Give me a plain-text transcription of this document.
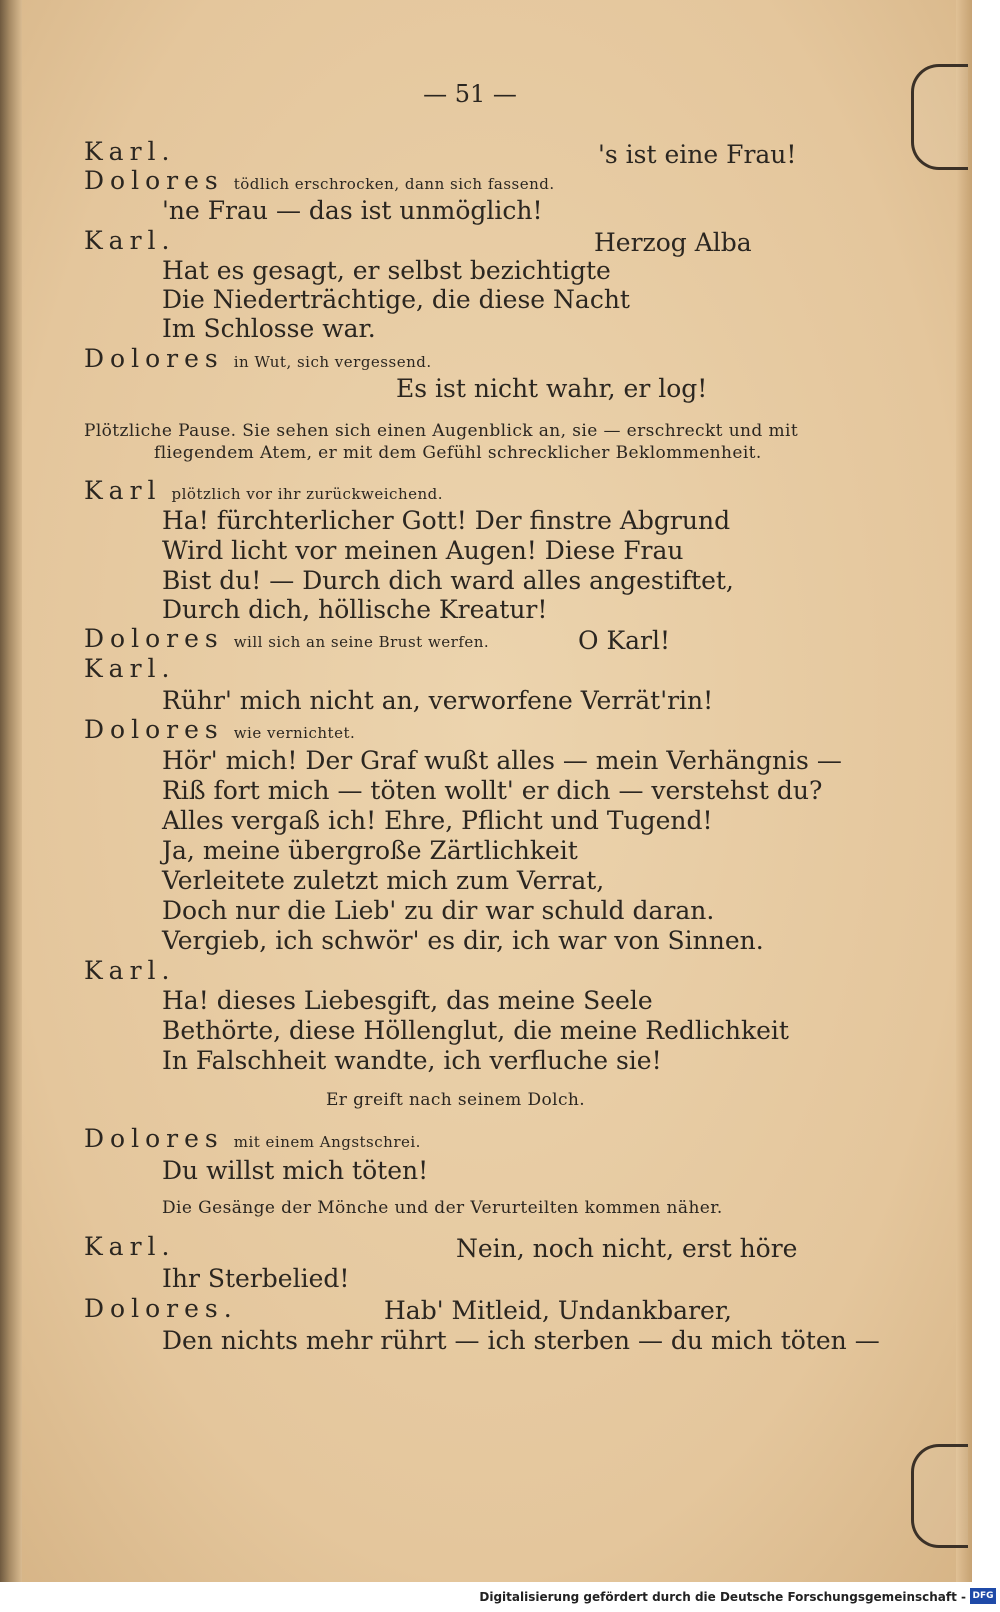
— 51 —
Karl.	's ist eine Frau!
Dolores tödlich erschrocken, dann sich fassend.
'ne Frau — das ist unmöglich!
Karl.	Herzog Alba
Hat es gesagt, er selbst bezichtigte
Die Niederträchtige, die diese Nacht
Im Schlosse war.
Dolores in Wut, sich vergessend.
Es ist nicht wahr, er log!
Plötzliche Pause. Sie sehen sich einen Augenblick an, sie — erschreckt und mit
fliegendem Atem, er mit dem Gefühl schrecklicher Beklommenheit.
Karl plötzlich vor ihr zurückweichend.
Ha! fürchterlicher Gott! Der finstre Abgrund
Wird licht vor meinen Augen! Diese Frau
Bist du! — Durch dich ward alles angestiftet,
Durch dich, höllische Kreatur!
Dolores will sich an seine Brust werfen.	O Karl!
Karl.
Rühr' mich nicht an, verworfene Verrät'rin!
Dolores wie vernichtet.
Hör' mich! Der Graf wußt alles — mein Verhängnis —
Riß fort mich — töten wollt' er dich — verstehst du?
Alles vergaß ich! Ehre, Pflicht und Tugend!
Ja, meine übergroße Zärtlichkeit
Verleitete zuletzt mich zum Verrat,
Doch nur die Lieb' zu dir war schuld daran.
Vergieb, ich schwör' es dir, ich war von Sinnen.
Karl.
Ha! dieses Liebesgift, das meine Seele
Bethörte, diese Höllenglut, die meine Redlichkeit
In Falschheit wandte, ich verfluche sie!
Er greift nach seinem Dolch.
Dolores mit einem Angstschrei.
Du willst mich töten!
Die Gesänge der Mönche und der Verurteilten kommen näher.
Karl.	Nein, noch nicht, erst höre
Ihr Sterbelied!
Dolores.	Hab' Mitleid, Undankbarer,
Den nichts mehr rührt — ich sterben — du mich töten —
Digitalisierung gefördert durch die Deutsche Forschungsgemeinschaft - DFG
